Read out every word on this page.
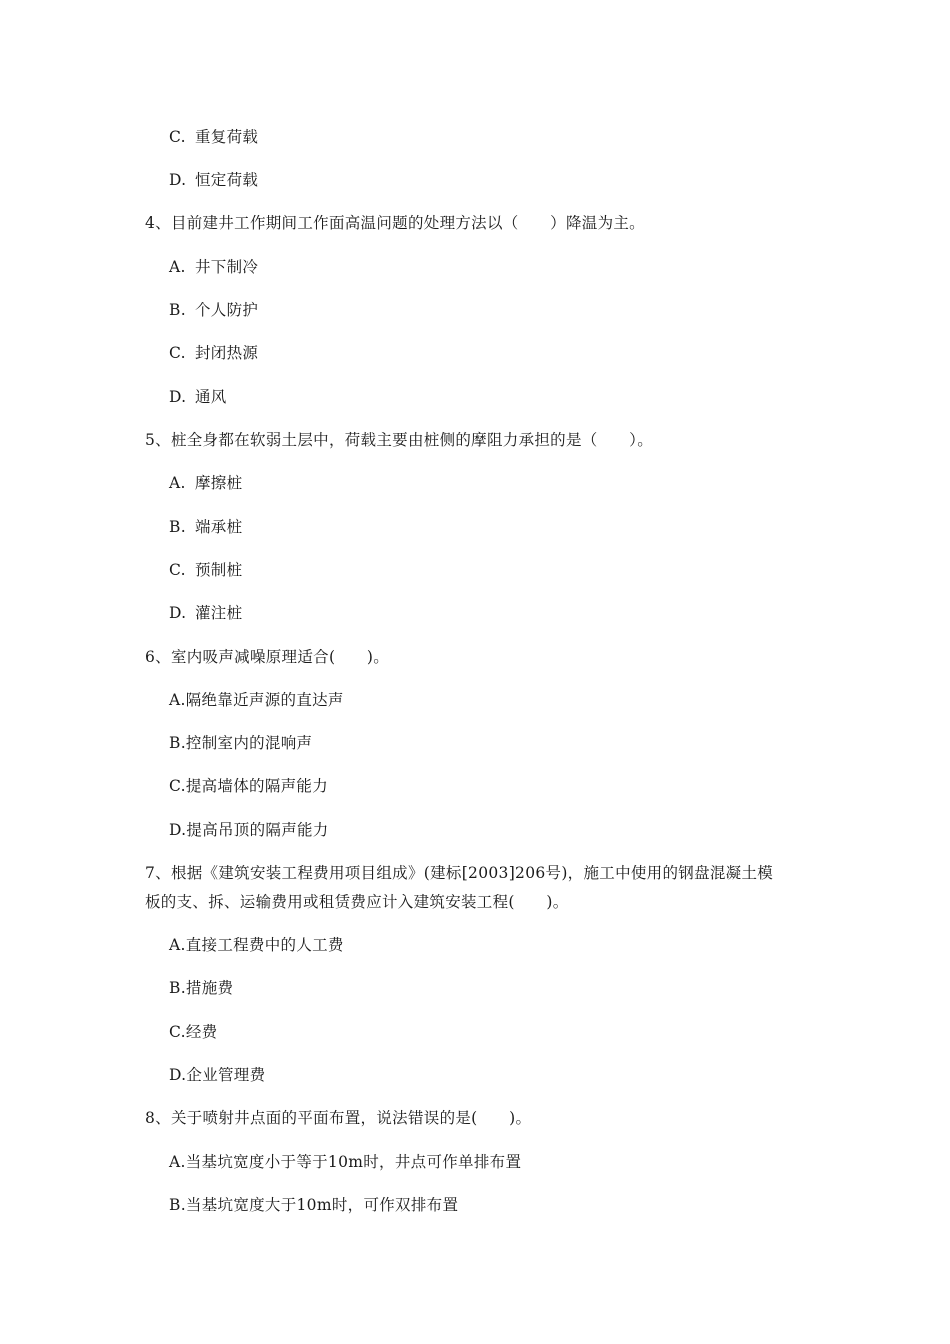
C. 重复荷载
D. 恒定荷载
4、目前建井工作期间工作面高温问题的处理方法以（　　）降温为主。
A. 井下制冷
B. 个人防护
C. 封闭热源
D. 通风
5、桩全身都在软弱土层中，荷载主要由桩侧的摩阻力承担的是（　　）。
A. 摩擦桩
B. 端承桩
C. 预制桩
D. 灌注桩
6、室内吸声减噪原理适合(　　)。
A.隔绝靠近声源的直达声
B.控制室内的混响声
C.提高墙体的隔声能力
D.提高吊顶的隔声能力
7、根据《建筑安装工程费用项目组成》(建标[2003]206号)，施工中使用的钢盘混凝土模
板的支、拆、运输费用或租赁费应计入建筑安装工程(　　)。
A.直接工程费中的人工费
B.措施费
C.经费
D.企业管理费
8、关于喷射井点面的平面布置，说法错误的是(　　)。
A.当基坑宽度小于等于10m时，井点可作单排布置
B.当基坑宽度大于10m时，可作双排布置
